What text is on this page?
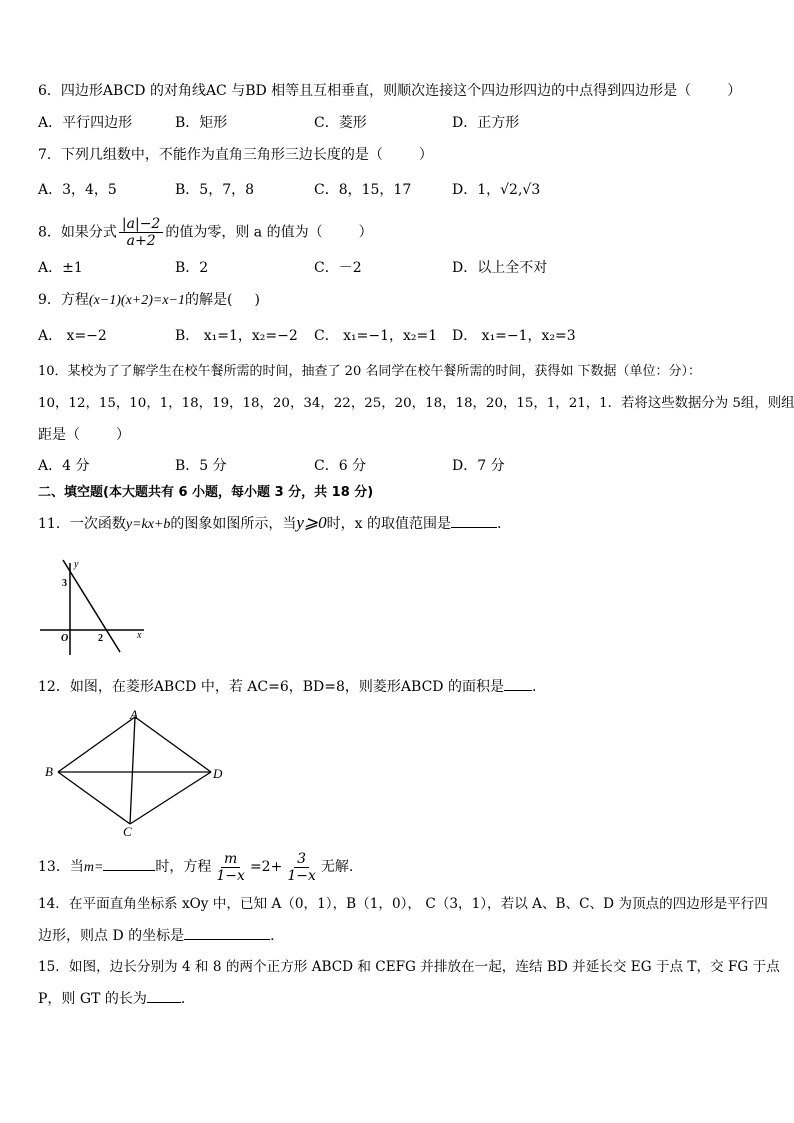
6．四边形ABCD 的对角线AC 与BD 相等且互相垂直，则顺次连接这个四边形四边的中点得到四边形是（	）
A．平行四边形	B．矩形	C．菱形	D．正方形
7．下列几组数中，不能作为直角三角形三边长度的是（	）
A．3，4，5	B．5，7，8	C．8，15，17	D．1，√2,√3
8．如果分式 $\frac{|a|-2}{a+2}$ 的值为零，则 a 的值为（	）
A．±1	B．2	C．－2	D．以上全不对
9．方程(x−1)(x+2)=x−1的解是( )
A． x=−2	B． x₁=1，x₂=−2 C． x₁=−1，x₂=1 D． x₁=−1，x₂=3
10．某校为了了解学生在校午餐所需的时间，抽查了 20 名同学在校午餐所需的时间，获得如 下数据（单位：分）：
10，12，15，10，1，18，19，18，20，34，22，25，20，18，18，20，15，1，21，1．若将这些数据分为 5组，则组
距是（	）
A．4 分	B．5 分	C．6 分	D．7 分
二、填空题(本大题共有 6 小题，每小题 3 分，共 18 分)
11．一次函数y=kx+b的图象如图所示，当y⩾0时，x 的取值范围是	.
y
x
O
3
2
12．如图，在菱形ABCD 中，若 AC=6，BD=8，则菱形ABCD 的面积是 .
A
B	D
C
13．当m=	时，方程 $\frac{m}{1-x} =2+ \frac{3}{1-x}$ 无解.
14．在平面直角坐标系 xOy 中，已知 A（0，1），B（1，0）， C（3，1），若以 A、B、C、D 为顶点的四边形是平行四
边形，则点 D 的坐标是	．
15．如图，边长分别为 4 和 8 的两个正方形 ABCD 和 CEFG 并排放在一起，连结 BD 并延长交 EG 于点 T，交 FG 于点
P，则 GT 的长为 ．
